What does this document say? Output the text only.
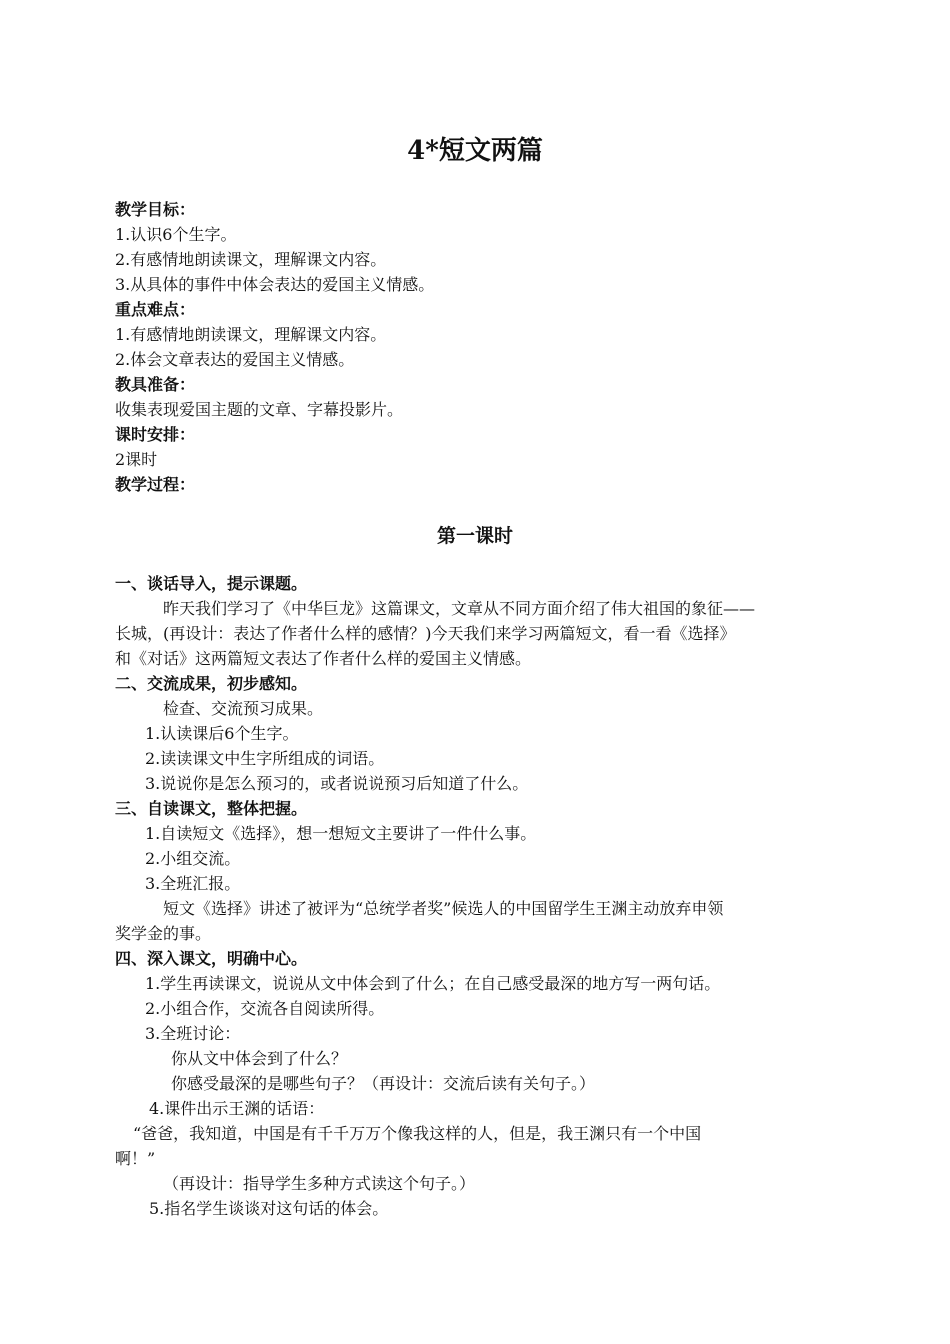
4*短文两篇
教学目标：
1.认识6个生字。
2.有感情地朗读课文，理解课文内容。
3.从具体的事件中体会表达的爱国主义情感。
重点难点：
1.有感情地朗读课文，理解课文内容。
2.体会文章表达的爱国主义情感。
教具准备：
收集表现爱国主题的文章、字幕投影片。
课时安排：
2课时
教学过程：
第一课时
一、谈话导入，提示课题。
昨天我们学习了《中华巨龙》这篇课文，文章从不同方面介绍了伟大祖国的象征——
长城，(再设计：表达了作者什么样的感情？)今天我们来学习两篇短文，看一看《选择》
和《对话》这两篇短文表达了作者什么样的爱国主义情感。
二、交流成果，初步感知。
检查、交流预习成果。
1.认读课后6个生字。
2.读读课文中生字所组成的词语。
3.说说你是怎么预习的，或者说说预习后知道了什么。
三、自读课文，整体把握。
1.自读短文《选择》，想一想短文主要讲了一件什么事。
2.小组交流。
3.全班汇报。
短文《选择》讲述了被评为“总统学者奖”候选人的中国留学生王渊主动放弃申领
奖学金的事。
四、深入课文，明确中心。
1.学生再读课文，说说从文中体会到了什么；在自己感受最深的地方写一两句话。
2.小组合作，交流各自阅读所得。
3.全班讨论：
你从文中体会到了什么？
你感受最深的是哪些句子？（再设计：交流后读有关句子。）
4.课件出示王渊的话语：
“爸爸，我知道，中国是有千千万万个像我这样的人，但是，我王渊只有一个中国
啊！”
（再设计：指导学生多种方式读这个句子。）
5.指名学生谈谈对这句话的体会。
